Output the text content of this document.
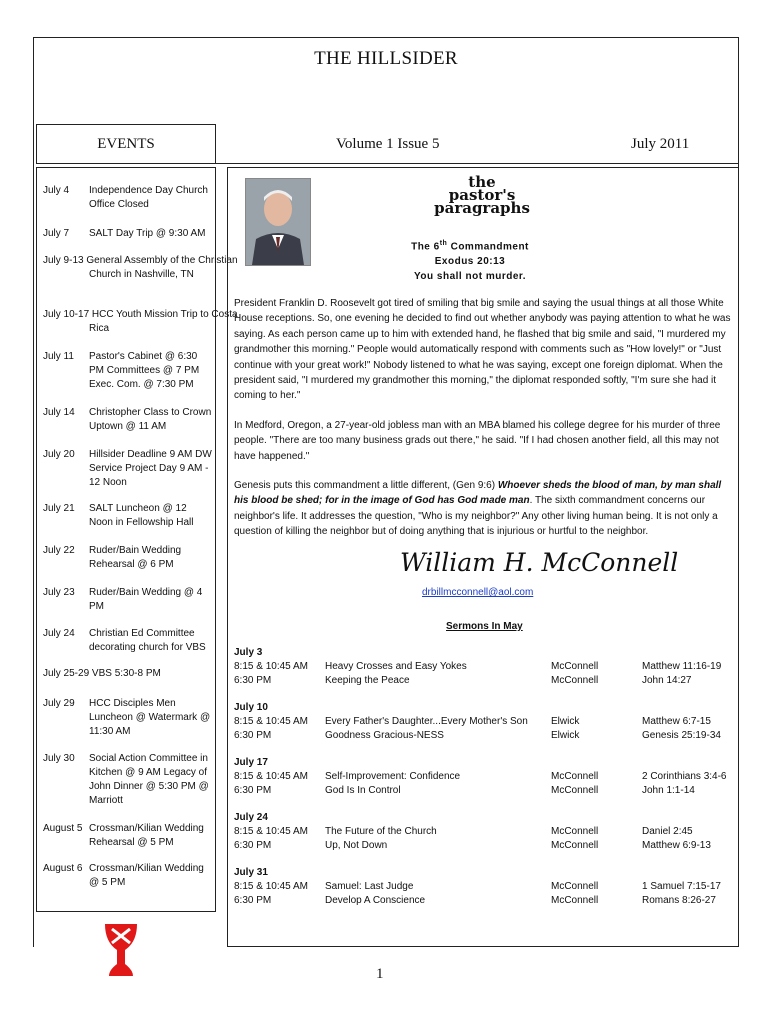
THE HILLSIDER
EVENTS	Volume 1 Issue 5	July 2011
July 4 Independence Day Church Office Closed
July 7 SALT Day Trip @ 9:30 AM
July 9-13 General Assembly of the Christian Church in Nashville, TN
July 10-17 HCC Youth Mission Trip to Costa Rica
July 11 Pastor's Cabinet @ 6:30 PM Committees @ 7 PM Exec. Com. @ 7:30 PM
July 14 Christopher Class to Crown Uptown @ 11 AM
July 20 Hillsider Deadline 9 AM DW Service Project Day 9 AM - 12 Noon
July 21 SALT Luncheon @ 12 Noon in Fellowship Hall
July 22 Ruder/Bain Wedding Rehearsal @ 6 PM
July 23 Ruder/Bain Wedding @ 4 PM
July 24 Christian Ed Committee decorating church for VBS
July 25-29 VBS 5:30-8 PM
July 29 HCC Disciples Men Luncheon @ Watermark @ 11:30 AM
July 30 Social Action Committee in Kitchen @ 9 AM Legacy of John Dinner @ 5:30 PM @ Marriott
August 5 Crossman/Kilian Wedding Rehearsal @ 5 PM
August 6 Crossman/Kilian Wedding @ 5 PM
the
pastor's
paragraphs
The 6th Commandment
Exodus 20:13
You shall not murder.
President Franklin D. Roosevelt got tired of smiling that big smile and saying the usual things at all those White House receptions. So, one evening he decided to find out whether anybody was paying attention to what he was saying. As each person came up to him with extended hand, he flashed that big smile and said, "I murdered my grandmother this morning." People would automatically respond with comments such as "How lovely!" or "Just continue with your great work!" Nobody listened to what he was saying, except one foreign diplomat. When the president said, "I murdered my grandmother this morning," the diplomat responded softly, "I'm sure she had it coming to her."
In Medford, Oregon, a 27-year-old jobless man with an MBA blamed his college degree for his murder of three people. "There are too many business grads out there," he said. "If I had chosen another field, all this may not have happened."
Genesis puts this commandment a little different, (Gen 9:6) Whoever sheds the blood of man, by man shall his blood be shed; for in the image of God has God made man. The sixth commandment concerns our neighbor's life. It addresses the question, "Who is my neighbor?" Any other living human being. It is not only a question of killing the neighbor but of doing anything that is injurious or hurtful to the neighbor.
William H. McConnell
drbillmcconnell@aol.com
Sermons In May
July 3
8:15 & 10:45 AM	Heavy Crosses and Easy Yokes	McConnell	Matthew 11:16-19
6:30 PM	Keeping the Peace	McConnell	John 14:27
July 10
8:15 & 10:45 AM	Every Father's Daughter...Every Mother's Son	Elwick	Matthew 6:7-15
6:30 PM	Goodness Gracious-NESS	Elwick	Genesis 25:19-34
July 17
8:15 & 10:45 AM	Self-Improvement: Confidence	McConnell	2 Corinthians 3:4-6
6:30 PM	God Is In Control	McConnell	John 1:1-14
July 24
8:15 & 10:45 AM	The Future of the Church	McConnell	Daniel 2:45
6:30 PM	Up, Not Down	McConnell	Matthew 6:9-13
July 31
8:15 & 10:45 AM	Samuel: Last Judge	McConnell	1 Samuel 7:15-17
6:30 PM	Develop A Conscience	McConnell	Romans 8:26-27
1
